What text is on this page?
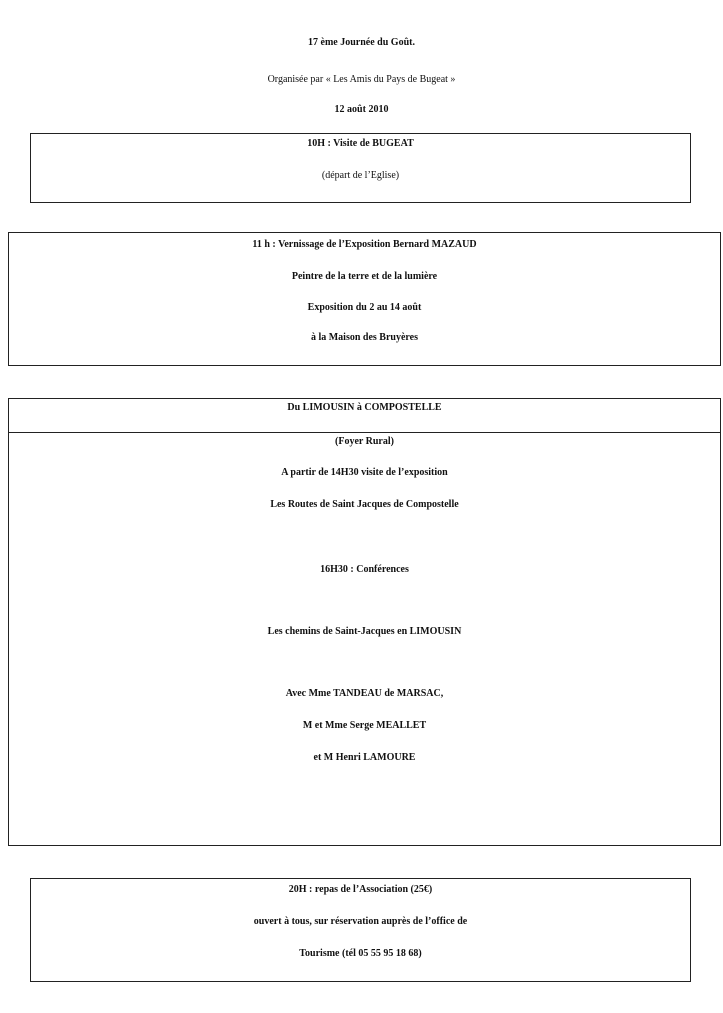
17 ème Journée du Goût.
Organisée par « Les Amis du Pays de Bugeat »
12 août 2010
10H : Visite de BUGEAT
(départ de l’Eglise)
11 h : Vernissage de l’Exposition Bernard MAZAUD
Peintre de la terre et de la lumière
Exposition du 2 au 14 août
à la Maison des Bruyères
Du LIMOUSIN à COMPOSTELLE
(Foyer Rural)
A partir de 14H30 visite de l’exposition
Les Routes de Saint Jacques de Compostelle
16H30 : Conférences
Les chemins de Saint-Jacques en LIMOUSIN
Avec Mme TANDEAU de MARSAC,
M et Mme Serge MEALLET
et M Henri LAMOURE
20H : repas de l’Association (25€)
ouvert à tous, sur réservation auprès de l’office de
Tourisme (tél 05 55 95 18 68)
